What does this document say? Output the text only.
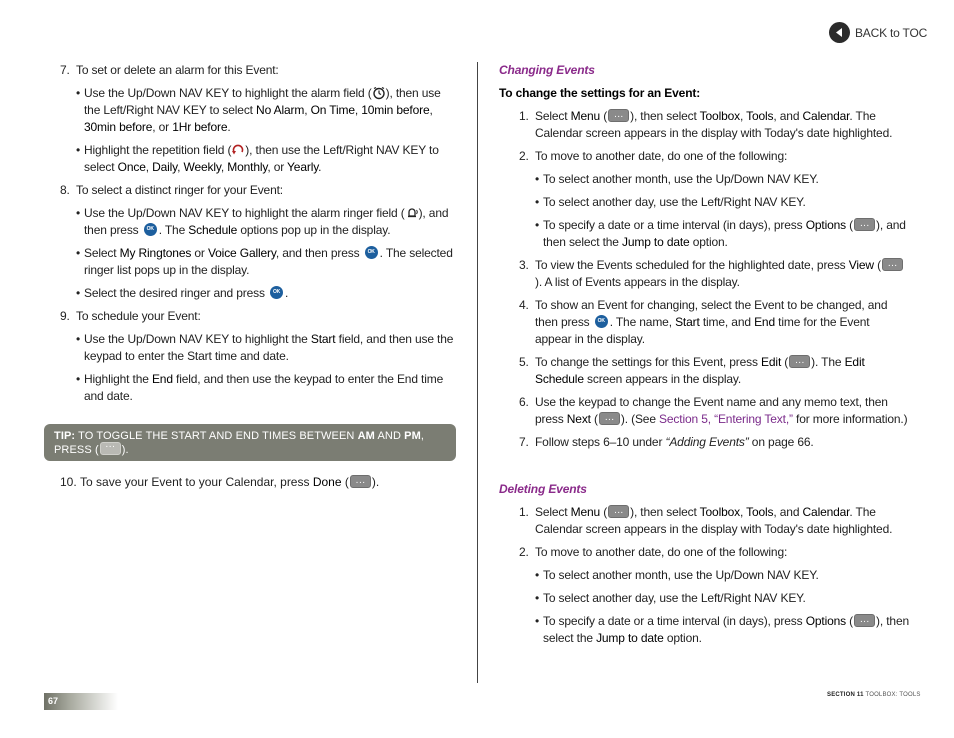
BACK to TOC
7. To set or delete an alarm for this Event:
• Use the Up/Down NAV KEY to highlight the alarm field ( ), then use the Left/Right NAV KEY to select No Alarm, On Time, 10min before, 30min before, or 1Hr before.
• Highlight the repetition field ( ), then use the Left/Right NAV KEY to select Once, Daily, Weekly, Monthly, or Yearly.
8. To select a distinct ringer for your Event:
• Use the Up/Down NAV KEY to highlight the alarm ringer field ( ), and then press OK. The Schedule options pop up in the display.
• Select My Ringtones or Voice Gallery, and then press OK. The selected ringer list pops up in the display.
• Select the desired ringer and press OK.
9. To schedule your Event:
• Use the Up/Down NAV KEY to highlight the Start field, and then use the keypad to enter the Start time and date.
• Highlight the End field, and then use the keypad to enter the End time and date.
TIP: TO TOGGLE THE START AND END TIMES BETWEEN AM AND PM, PRESS ( ··· ).
10. To save your Event to your Calendar, press Done ( ··· ).
Changing Events
To change the settings for an Event:
1. Select Menu ( ··· ), then select Toolbox, Tools, and Calendar. The Calendar screen appears in the display with Today's date highlighted.
2. To move to another date, do one of the following:
• To select another month, use the Up/Down NAV KEY.
• To select another day, use the Left/Right NAV KEY.
• To specify a date or a time interval (in days), press Options ( ··· ), and then select the Jump to date option.
3. To view the Events scheduled for the highlighted date, press View (···). A list of Events appears in the display.
4. To show an Event for changing, select the Event to be changed, and then press OK. The name, Start time, and End time for the Event appear in the display.
5. To change the settings for this Event, press Edit ( ··· ). The Edit Schedule screen appears in the display.
6. Use the keypad to change the Event name and any memo text, then press Next ( ··· ). (See Section 5, “Entering Text,” for more information.)
7. Follow steps 6–10 under “Adding Events” on page 66.
Deleting Events
1. Select Menu ( ··· ), then select Toolbox, Tools, and Calendar. The Calendar screen appears in the display with Today's date highlighted.
2. To move to another date, do one of the following:
• To select another month, use the Up/Down NAV KEY.
• To select another day, use the Left/Right NAV KEY.
• To specify a date or a time interval (in days), press Options ( ··· ), then select the Jump to date option.
67
SECTION 11 TOOLBOX: TOOLS
